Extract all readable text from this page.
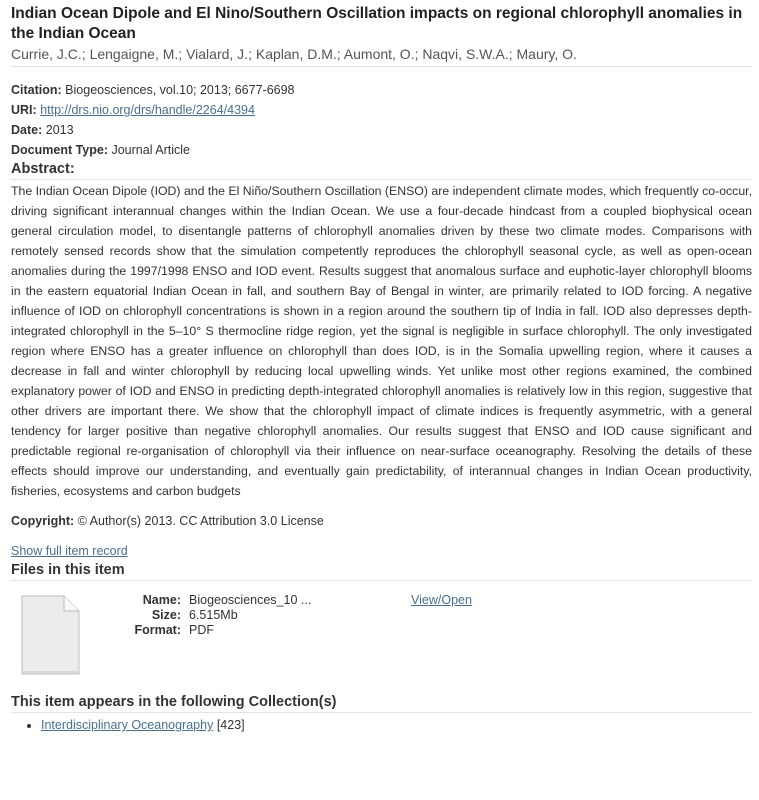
Indian Ocean Dipole and El Nino/Southern Oscillation impacts on regional chlorophyll anomalies in the Indian Ocean
Currie, J.C.; Lengaigne, M.; Vialard, J.; Kaplan, D.M.; Aumont, O.; Naqvi, S.W.A.; Maury, O.
Citation: Biogeosciences, vol.10; 2013; 6677-6698
URI: http://drs.nio.org/drs/handle/2264/4394
Date: 2013
Document Type: Journal Article
Abstract:
The Indian Ocean Dipole (IOD) and the El Niño/Southern Oscillation (ENSO) are independent climate modes, which frequently co-occur, driving significant interannual changes within the Indian Ocean. We use a four-decade hindcast from a coupled biophysical ocean general circulation model, to disentangle patterns of chlorophyll anomalies driven by these two climate modes. Comparisons with remotely sensed records show that the simulation competently reproduces the chlorophyll seasonal cycle, as well as open-ocean anomalies during the 1997/1998 ENSO and IOD event. Results suggest that anomalous surface and euphotic-layer chlorophyll blooms in the eastern equatorial Indian Ocean in fall, and southern Bay of Bengal in winter, are primarily related to IOD forcing. A negative influence of IOD on chlorophyll concentrations is shown in a region around the southern tip of India in fall. IOD also depresses depth-integrated chlorophyll in the 5–10° S thermocline ridge region, yet the signal is negligible in surface chlorophyll. The only investigated region where ENSO has a greater influence on chlorophyll than does IOD, is in the Somalia upwelling region, where it causes a decrease in fall and winter chlorophyll by reducing local upwelling winds. Yet unlike most other regions examined, the combined explanatory power of IOD and ENSO in predicting depth-integrated chlorophyll anomalies is relatively low in this region, suggestive that other drivers are important there. We show that the chlorophyll impact of climate indices is frequently asymmetric, with a general tendency for larger positive than negative chlorophyll anomalies. Our results suggest that ENSO and IOD cause significant and predictable regional re-organisation of chlorophyll via their influence on near-surface oceanography. Resolving the details of these effects should improve our understanding, and eventually gain predictability, of interannual changes in Indian Ocean productivity, fisheries, ecosystems and carbon budgets
Copyright: © Author(s) 2013. CC Attribution 3.0 License
Show full item record
Files in this item
Name: Biogeosciences_10 ...
Size: 6.515Mb
Format: PDF
View/Open
This item appears in the following Collection(s)
• Interdisciplinary Oceanography [423]
